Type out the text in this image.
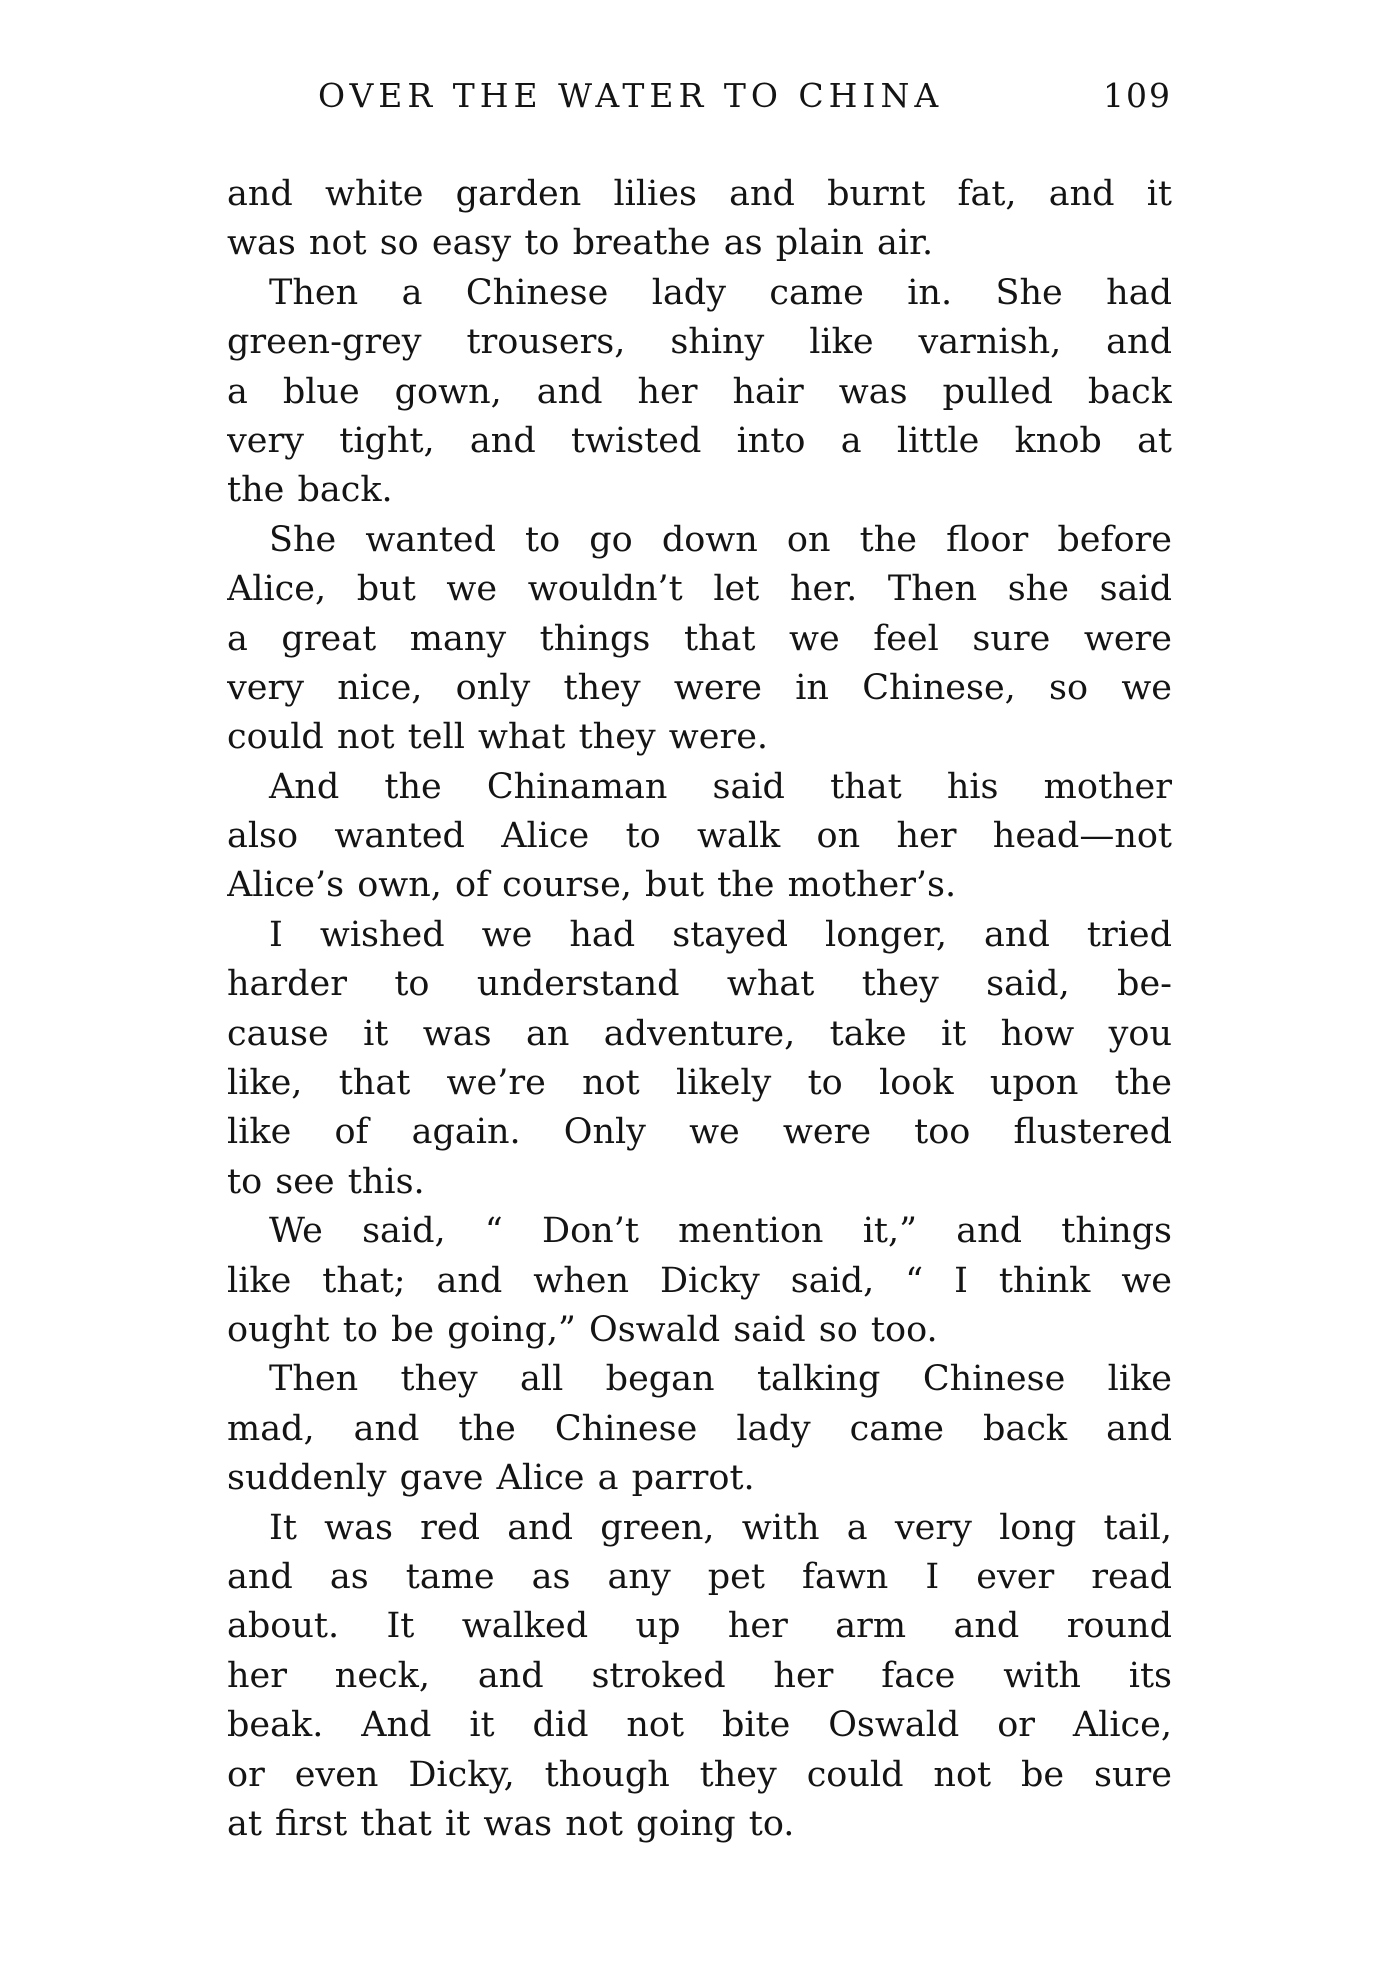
OVER THE WATER TO CHINA	109
and white garden lilies and burnt fat, and it
was not so easy to breathe as plain air.
Then a Chinese lady came in. She had
green-grey trousers, shiny like varnish, and
a blue gown, and her hair was pulled back
very tight, and twisted into a little knob at
the back.
She wanted to go down on the floor before
Alice, but we wouldn’t let her. Then she said
a great many things that we feel sure were
very nice, only they were in Chinese, so we
could not tell what they were.
And the Chinaman said that his mother
also wanted Alice to walk on her head—not
Alice’s own, of course, but the mother’s.
I wished we had stayed longer, and tried
harder to understand what they said, be-
cause it was an adventure, take it how you
like, that we’re not likely to look upon the
like of again. Only we were too flustered
to see this.
We said, “ Don’t mention it,” and things
like that; and when Dicky said, “ I think we
ought to be going,” Oswald said so too.
Then they all began talking Chinese like
mad, and the Chinese lady came back and
suddenly gave Alice a parrot.
It was red and green, with a very long tail,
and as tame as any pet fawn I ever read
about. It walked up her arm and round
her neck, and stroked her face with its
beak. And it did not bite Oswald or Alice,
or even Dicky, though they could not be sure
at first that it was not going to.
